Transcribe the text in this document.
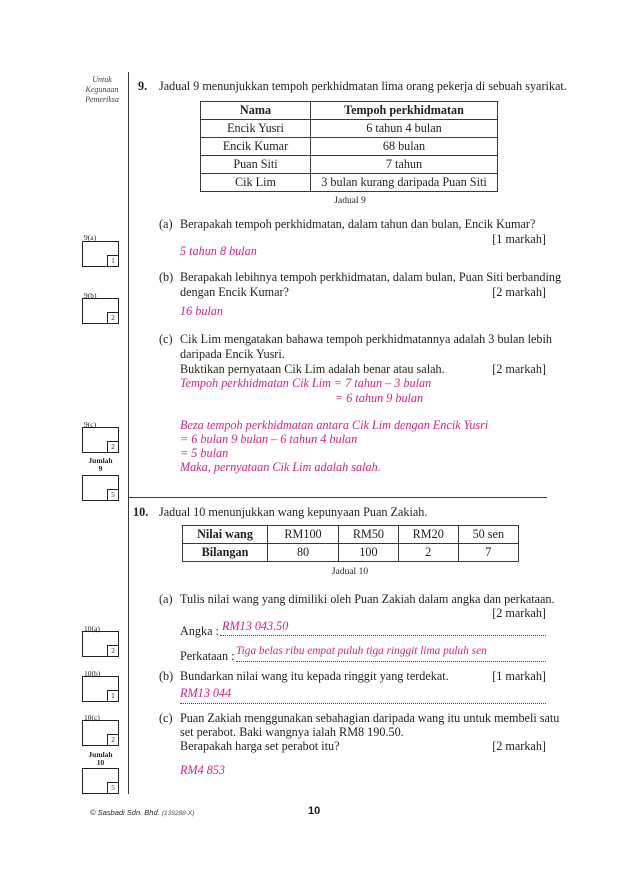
Untuk Kegunaan Pemeriksa
9(a)
1
9(b)
2
9(c)
2
Jumlah
9
5
10(a)
2
10(b)
1
10(c)
2
Jumlah
10
5
9. Jadual 9 menunjukkan tempoh perkhidmatan lima orang pekerja di sebuah syarikat.
Nama	Tempoh perkhidmatan
Encik Yusri	6 tahun 4 bulan
Encik Kumar	68 bulan
Puan Siti	7 tahun
Cik Lim	3 bulan kurang daripada Puan Siti
Jadual 9
(a) Berapakah tempoh perkhidmatan, dalam tahun dan bulan, Encik Kumar?
[1 markah]
5 tahun 8 bulan
(b) Berapakah lebihnya tempoh perkhidmatan, dalam bulan, Puan Siti berbanding
dengan Encik Kumar?	[2 markah]
16 bulan
(c) Cik Lim mengatakan bahawa tempoh perkhidmatannya adalah 3 bulan lebih
daripada Encik Yusri.
Buktikan pernyataan Cik Lim adalah benar atau salah.	[2 markah]
Tempoh perkhidmatan Cik Lim = 7 tahun – 3 bulan
= 6 tahun 9 bulan
Beza tempoh perkhidmatan antara Cik Lim dengan Encik Yusri
= 6 bulan 9 bulan – 6 tahun 4 bulan
= 5 bulan
Maka, pernyataan Cik Lim adalah salah.
10. Jadual 10 menunjukkan wang kepunyaan Puan Zakiah.
Nilai wang	RM100	RM50	RM20	50 sen
Bilangan	80	100	2	7
Jadual 10
(a) Tulis nilai wang yang dimiliki oleh Puan Zakiah dalam angka dan perkataan.
[2 markah]
Angka : RM13 043.50
Perkataan : Tiga belas ribu empat puluh tiga ringgit lima puluh sen
(b) Bundarkan nilai wang itu kepada ringgit yang terdekat.	[1 markah]
RM13 044
(c) Puan Zakiah menggunakan sebahagian daripada wang itu untuk membeli satu
set perabot. Baki wangnya ialah RM8 190.50.
Berapakah harga set perabot itu?	[2 markah]
RM4 853
© Sasbadi Sdn. Bhd. (139288-X)	10
